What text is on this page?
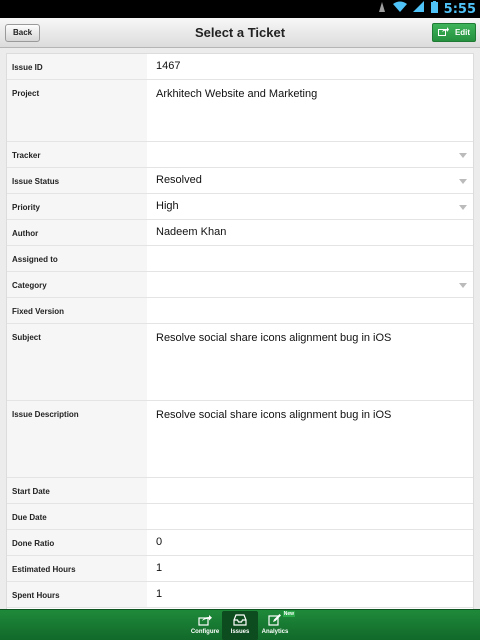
5:55
Select a Ticket
Back	Edit
Issue ID	1467
Project	Arkhitech Website and Marketing
Tracker
Issue Status	Resolved
Priority	High
Author	Nadeem Khan
Assigned to
Category
Fixed Version
Subject	Resolve social share icons alignment bug in iOS
Issue Description	Resolve social share icons alignment bug in iOS
Start Date
Due Date
Done Ratio	0
Estimated Hours	1
Spent Hours	1
Configure	Issues	Analytics
New
